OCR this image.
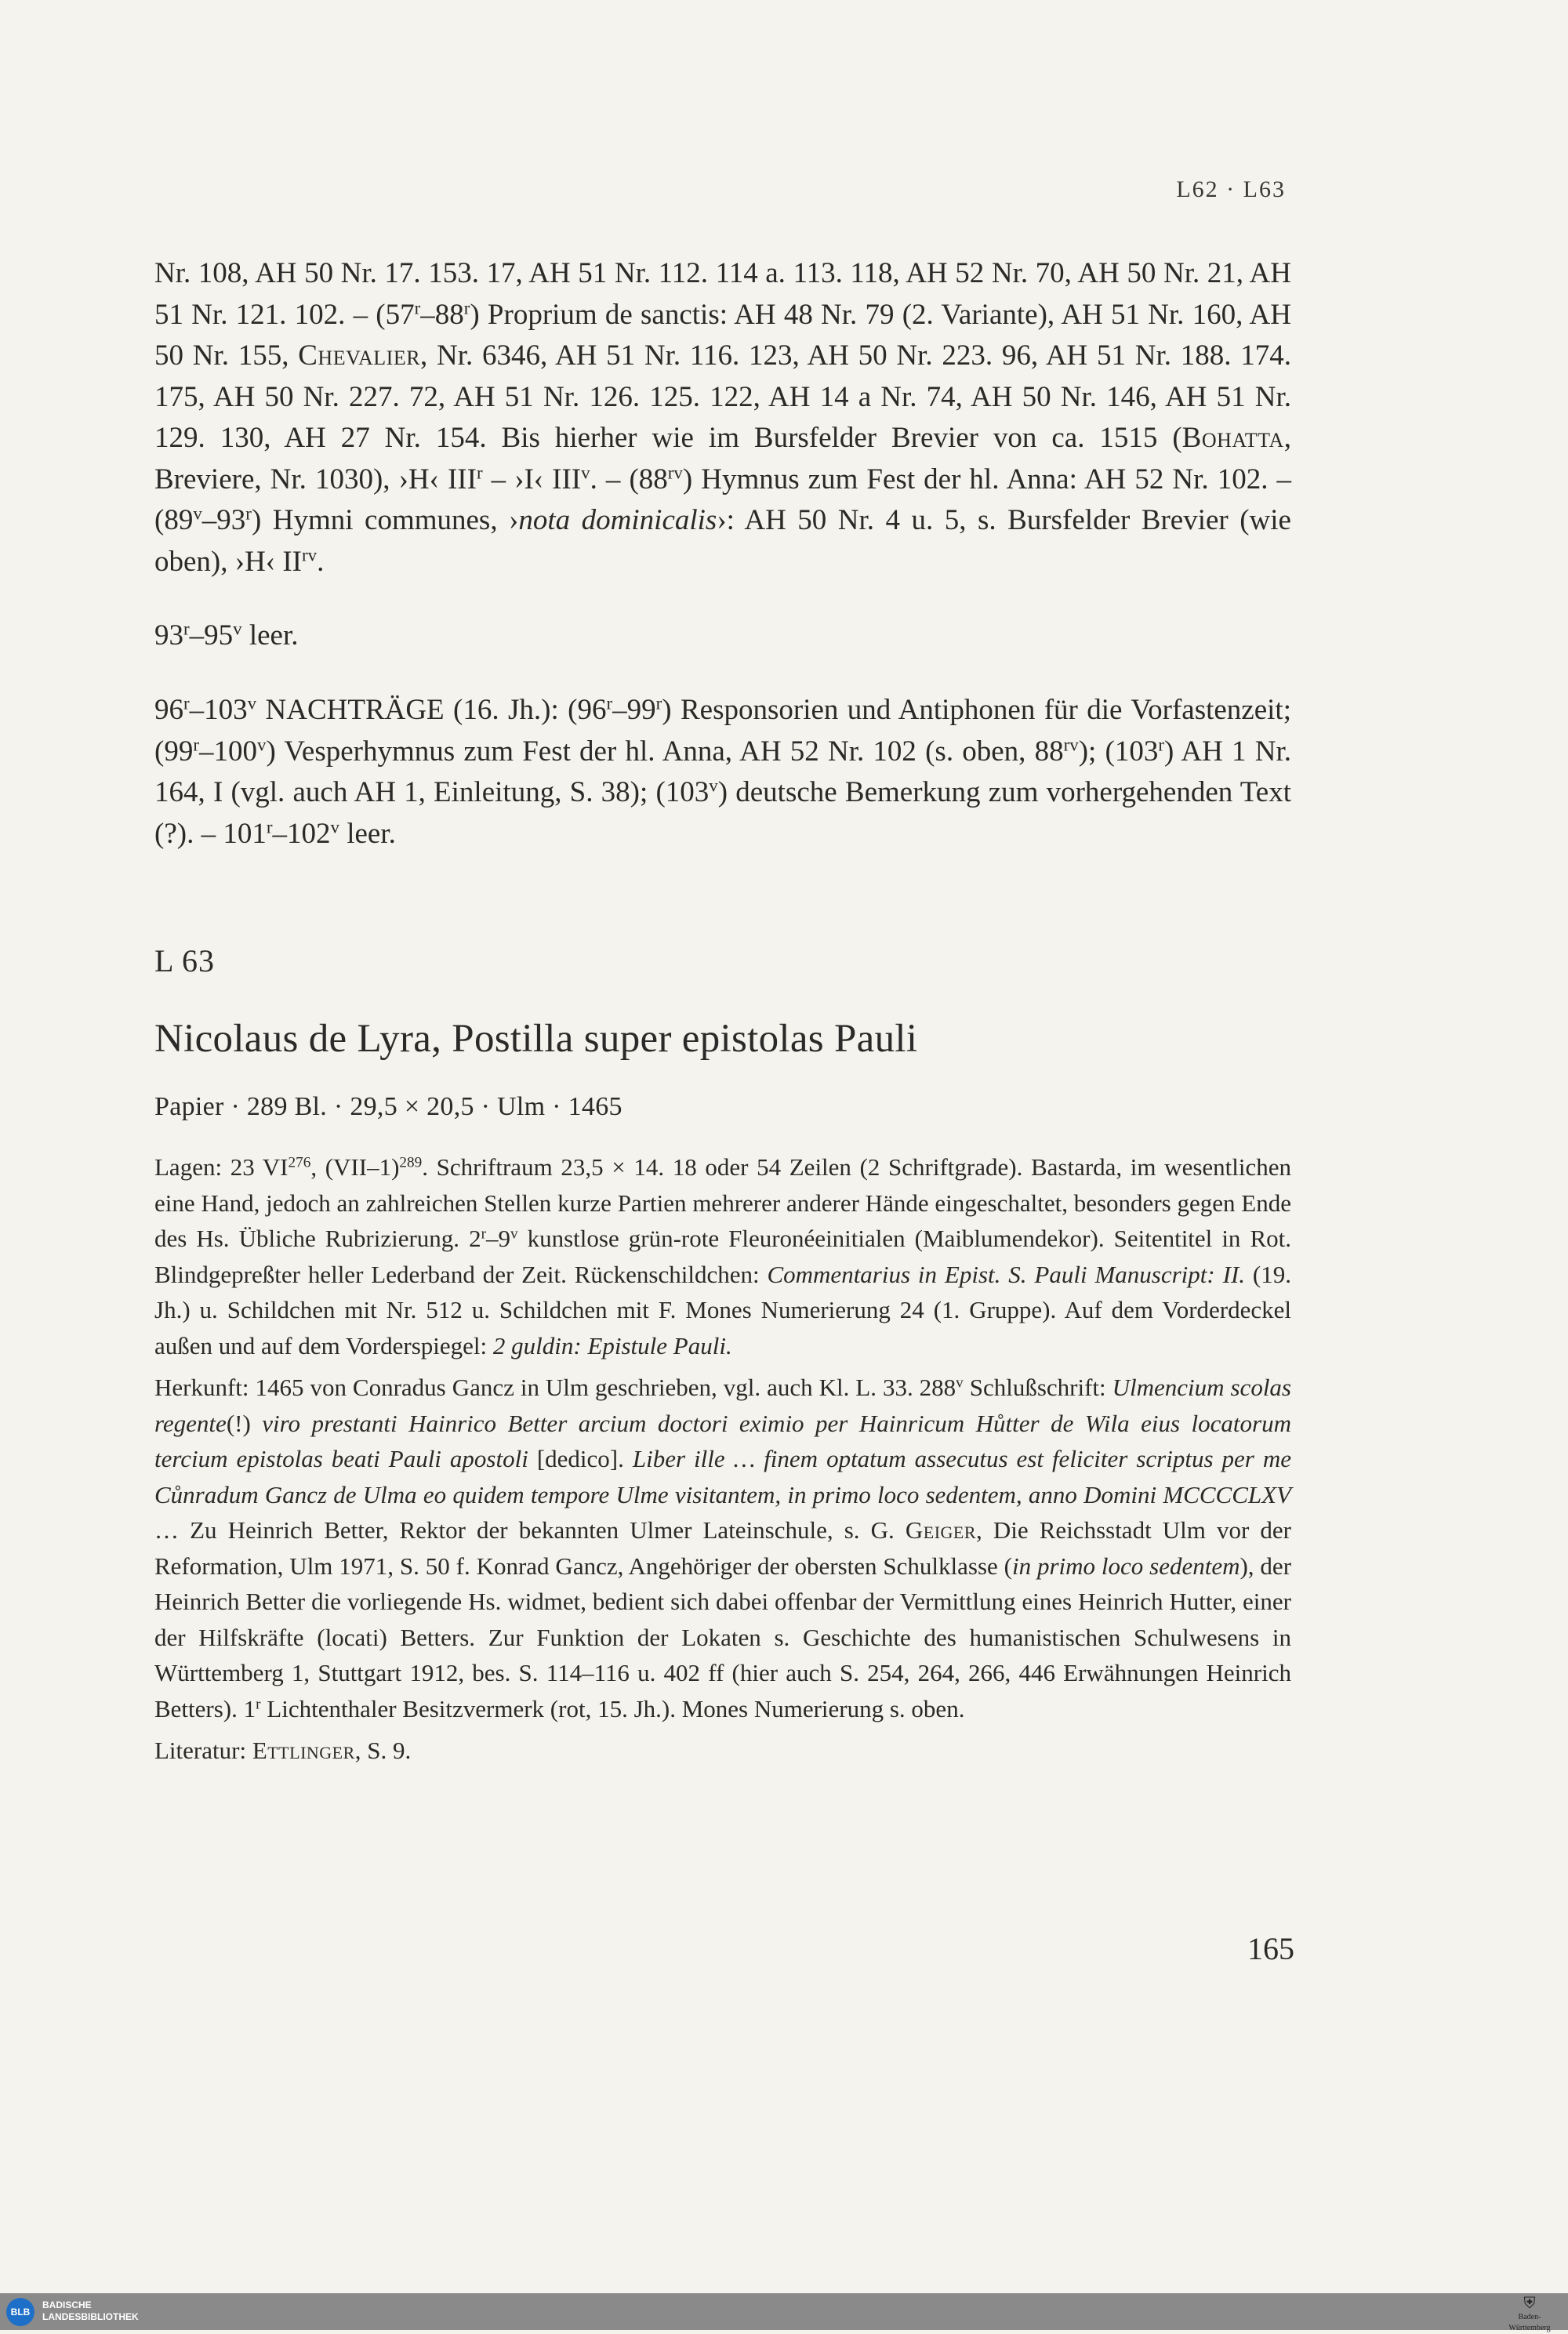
L62 · L63

Nr. 108, AH 50 Nr. 17. 153. 17, AH 51 Nr. 112. 114 a. 113. 118, AH 52 Nr. 70, AH 50 Nr. 21, AH 51 Nr. 121. 102. – (57$^r$–88$^r$) Proprium de sanctis: AH 48 Nr. 79 (2. Variante), AH 51 Nr. 160, AH 50 Nr. 155, Chevalier, Nr. 6346, AH 51 Nr. 116. 123, AH 50 Nr. 223. 96, AH 51 Nr. 188. 174. 175, AH 50 Nr. 227. 72, AH 51 Nr. 126. 125. 122, AH 14 a Nr. 74, AH 50 Nr. 146, AH 51 Nr. 129. 130, AH 27 Nr. 154. Bis hierher wie im Bursfelder Brevier von ca. 1515 (Bohatta, Breviere, Nr. 1030), ›H‹ III$^r$ – ›I‹ III$^v$. – $(88^{rv})$ Hymnus zum Fest der hl. Anna: AH 52 Nr. 102. – (89$^v$–93$^r$) Hymni communes, ›nota dominicalis›: AH 50 Nr. 4 u. 5, s. Bursfelder Brevier (wie oben), ›H‹ $II^{rv}$.

93$^r$–95$^v$ leer.

96$^r$–103$^v$ NACHTRÄGE (16. Jh.): (96$^r$–99$^r$) Responsorien und Antiphonen für die Vorfastenzeit; (99$^r$–100$^v$) Vesperhymnus zum Fest der hl. Anna, AH 52 Nr. 102 (s. oben, $88^{rv}$); (103$^r$) AH 1 Nr. 164, I (vgl. auch AH 1, Einleitung, S. 38); (103$^v$) deutsche Bemerkung zum vorhergehenden Text (?). – 101$^r$–102$^v$ leer.

L 63
Nicolaus de Lyra, Postilla super epistolas Pauli
Papier · 289 Bl. · 29,5 × 20,5 · Ulm · 1465

Lagen: 23 VI$^{276}$, $(VII-1)^{289}$. Schriftraum 23,5 × 14. 18 oder 54 Zeilen (2 Schriftgrade). Bastarda, im wesentlichen eine Hand, jedoch an zahlreichen Stellen kurze Partien mehrerer anderer Hände eingeschaltet, besonders gegen Ende des Hs. Übliche Rubrizierung. 2$^r$–9$^v$ kunstlose grün-rote Fleuronéeinitialen (Maiblumendekor). Seitentitel in Rot. Blindgepreßter heller Lederband der Zeit. Rückenschildchen: Commentarius in Epist. S. Pauli Manuscript: II. (19. Jh.) u. Schildchen mit Nr. 512 u. Schildchen mit F. Mones Numerierung 24 (1. Gruppe). Auf dem Vorderdeckel außen und auf dem Vorderspiegel: 2 guldin: Epistule Pauli.

Herkunft: 1465 von Conradus Gancz in Ulm geschrieben, vgl. auch Kl. L. 33. 288$^v$ Schlußschrift: Ulmencium scolas regente(!) viro prestanti Hainrico Better arcium doctori eximio per Hainricum Hůtter de Wila eius locatorum tercium epistolas beati Pauli apostoli [dedico]. Liber ille … finem optatum assecutus est feliciter scriptus per me Cůnradum Gancz de Ulma eo quidem tempore Ulme visitantem, in primo loco sedentem, anno Domini MCCCCLXV … Zu Heinrich Better, Rektor der bekannten Ulmer Lateinschule, s. G. Geiger, Die Reichsstadt Ulm vor der Reformation, Ulm 1971, S. 50 f. Konrad Gancz, Angehöriger der obersten Schulklasse (in primo loco sedentem), der Heinrich Better die vorliegende Hs. widmet, bedient sich dabei offenbar der Vermittlung eines Heinrich Hutter, einer der Hilfskräfte (locati) Betters. Zur Funktion der Lokaten s. Geschichte des humanistischen Schulwesens in Württemberg 1, Stuttgart 1912, bes. S. 114–116 u. 402 ff (hier auch S. 254, 264, 266, 446 Erwähnungen Heinrich Betters). 1$^r$ Lichtenthaler Besitzvermerk (rot, 15. Jh.). Mones Numerierung s. oben.

Literatur: Ettlinger, S. 9.

165
BLB
BADISCHE
LANDESBIBLIOTHEK
⛨
Baden-Württemberg
